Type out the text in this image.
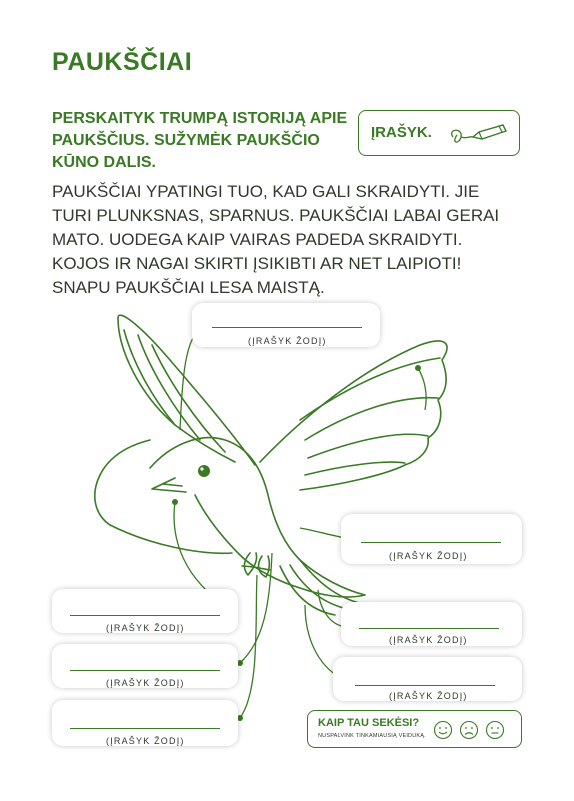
PAUKŠČIAI
PERSKAITYK TRUMPĄ ISTORIJĄ APIE PAUKŠČIUS. SUŽYMĖK PAUKŠČIO KŪNO DALIS.
ĮRAŠYK.
PAUKŠČIAI YPATINGI TUO, KAD GALI SKRAIDYTI. JIE TURI PLUNKSNAS, SPARNUS. PAUKŠČIAI LABAI GERAI MATO. UODEGA KAIP VAIRAS PADEDA SKRAIDYTI. KOJOS IR NAGAI SKIRTI ĮSIKIBTI AR NET LAIPIOTI! SNAPU PAUKŠČIAI LESA MAISTĄ.
(ĮRAŠYK ŽODĮ)
(ĮRAŠYK ŽODĮ)
(ĮRAŠYK ŽODĮ)
(ĮRAŠYK ŽODĮ)
(ĮRAŠYK ŽODĮ)
(ĮRAŠYK ŽODĮ)
(ĮRAŠYK ŽODĮ)
KAIP TAU SEKĖSI?
NUSPALVINK TINKAMIAUSIĄ VEIDUKĄ.
